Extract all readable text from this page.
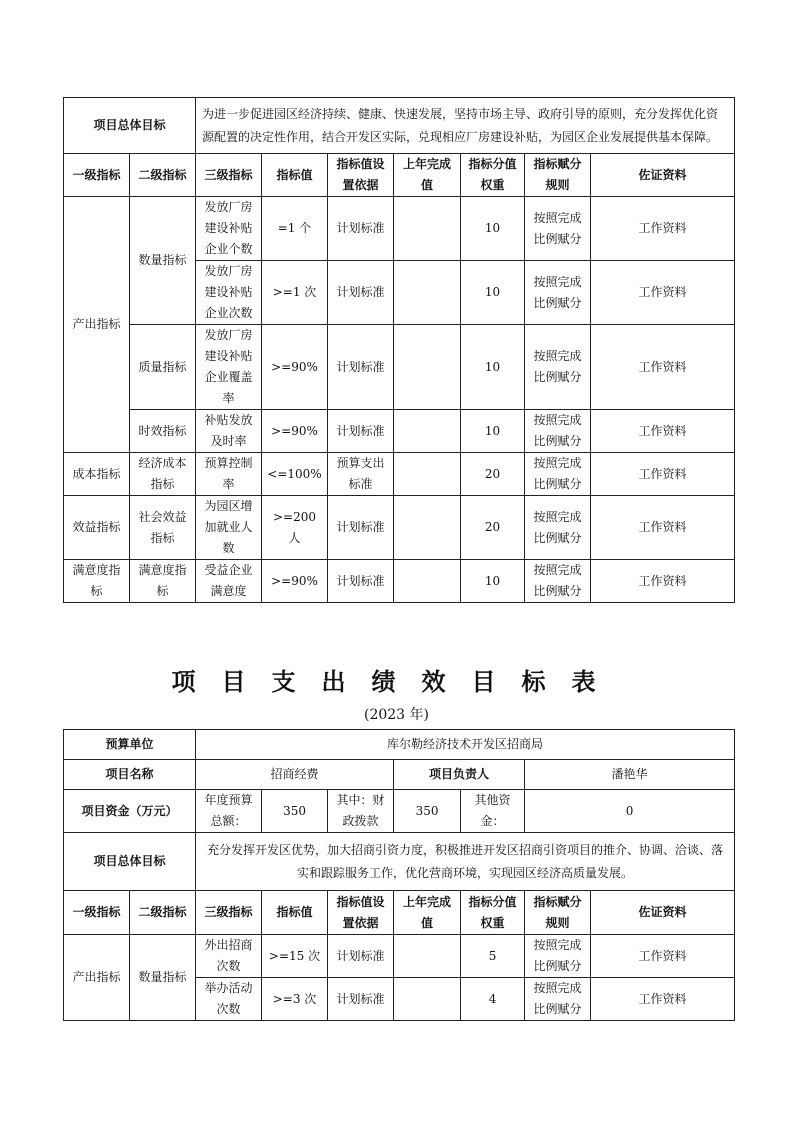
项目总体目标		为进一步促进园区经济持续、健康、快速发展，坚持市场主导、政府引导的原则，充分发挥优化资源配置的决定性作用，结合开发区实际，兑现相应厂房建设补贴，为园区企业发展提供基本保障。						
一级指标	二级指标	三级指标	指标值	指标值设置依据	上年完成值	指标分值权重	指标赋分规则	佐证资料
产出指标	数量指标	发放厂房建设补贴企业个数	=1 个	计划标准		10	按照完成比例赋分	工作资料
		发放厂房建设补贴企业次数	>=1 次	计划标准		10	按照完成比例赋分	工作资料
	质量指标	发放厂房建设补贴企业覆盖率	>=90%	计划标准		10	按照完成比例赋分	工作资料
	时效指标	补贴发放及时率	>=90%	计划标准		10	按照完成比例赋分	工作资料
成本指标	经济成本指标	预算控制率	<=100%	预算支出标准		20	按照完成比例赋分	工作资料
效益指标	社会效益指标	为园区增加就业人数	>=200 人	计划标准		20	按照完成比例赋分	工作资料
满意度指标	满意度指标	受益企业满意度	>=90%	计划标准		10	按照完成比例赋分	工作资料
项目支出绩效目标表
(2023 年)
预算单位		库尔勒经济技术开发区招商局						
项目名称		招商经费			项目负责人		潘艳华	
项目资金（万元）		年度预算总额：	350	其中：财政拨款	350	其他资金：	0	
项目总体目标		充分发挥开发区优势，加大招商引资力度，积极推进开发区招商引资项目的推介、协调、洽谈、落实和跟踪服务工作，优化营商环境，实现园区经济高质量发展。						
一级指标	二级指标	三级指标	指标值	指标值设置依据	上年完成值	指标分值权重	指标赋分规则	佐证资料
产出指标	数量指标	外出招商次数	>=15 次	计划标准		5	按照完成比例赋分	工作资料
		举办活动次数	>=3 次	计划标准		4	按照完成比例赋分	工作资料
